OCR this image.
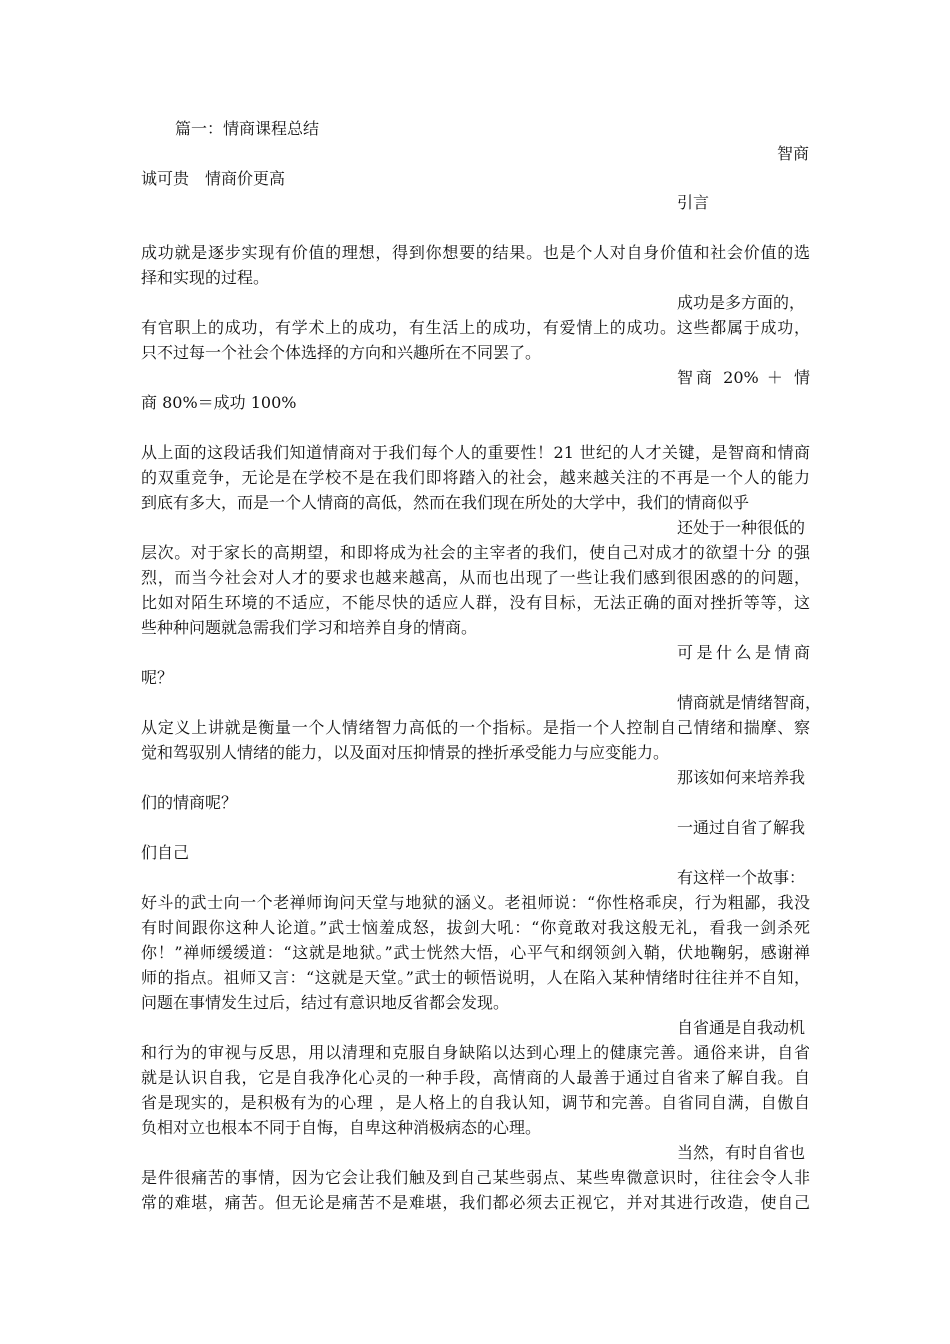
篇一：情商课程总结

智商

诚可贵　情商价更高

引言

成功就是逐步实现有价值的理想，得到你想要的结果。也是个人对自身价值和社会价值的选

择和实现的过程。

成功是多方面的，

有官职上的成功，有学术上的成功，有生活上的成功，有爱情上的成功。这些都属于成功，

只不过每一个社会个体选择的方向和兴趣所在不同罢了。

智商 20% ＋ 情

商 80%＝成功 100%

从上面的这段话我们知道情商对于我们每个人的重要性！21 世纪的人才关键，是智商和情商

的双重竞争，无论是在学校不是在我们即将踏入的社会，越来越关注的不再是一个人的能力

到底有多大，而是一个人情商的高低，然而在我们现在所处的大学中，我们的情商似乎

还处于一种很低的

层次。对于家长的高期望，和即将成为社会的主宰者的我们，使自己对成才的欲望十分 的强

烈，而当今社会对人才的要求也越来越高，从而也出现了一些让我们感到很困惑的的问题，

比如对陌生环境的不适应，不能尽快的适应人群，没有目标，无法正确的面对挫折等等，这

些种种问题就急需我们学习和培养自身的情商。

可是什么是情商

呢？

情商就是情绪智商，

从定义上讲就是衡量一个人情绪智力高低的一个指标。是指一个人控制自己情绪和揣摩、察

觉和驾驭别人情绪的能力，以及面对压抑情景的挫折承受能力与应变能力。

那该如何来培养我

们的情商呢？

一通过自省了解我

们自己

有这样一个故事：

好斗的武士向一个老禅师询问天堂与地狱的涵义。老祖师说：“你性格乖戾，行为粗鄙，我没

有时间跟你这种人论道。”武士恼羞成怒，拔剑大吼：“你竟敢对我这般无礼，看我一剑杀死

你！”禅师缓缓道：“这就是地狱。”武士恍然大悟，心平气和纲领剑入鞘，伏地鞠躬，感谢禅

师的指点。祖师又言：“这就是天堂。”武士的顿悟说明，人在陷入某种情绪时往往并不自知，

问题在事情发生过后，结过有意识地反省都会发现。

自省通是自我动机

和行为的审视与反思，用以清理和克服自身缺陷以达到心理上的健康完善。通俗来讲，自省

就是认识自我，它是自我净化心灵的一种手段，高情商的人最善于通过自省来了解自我。自

省是现实的，是积极有为的心理 ，是人格上的自我认知，调节和完善。自省同自满，自傲自

负相对立也根本不同于自悔，自卑这种消极病态的心理。

当然，有时自省也

是件很痛苦的事情，因为它会让我们触及到自己某些弱点、某些卑微意识时，往往会令人非

常的难堪，痛苦。但无论是痛苦不是难堪，我们都必须去正视它，并对其进行改造，使自己
